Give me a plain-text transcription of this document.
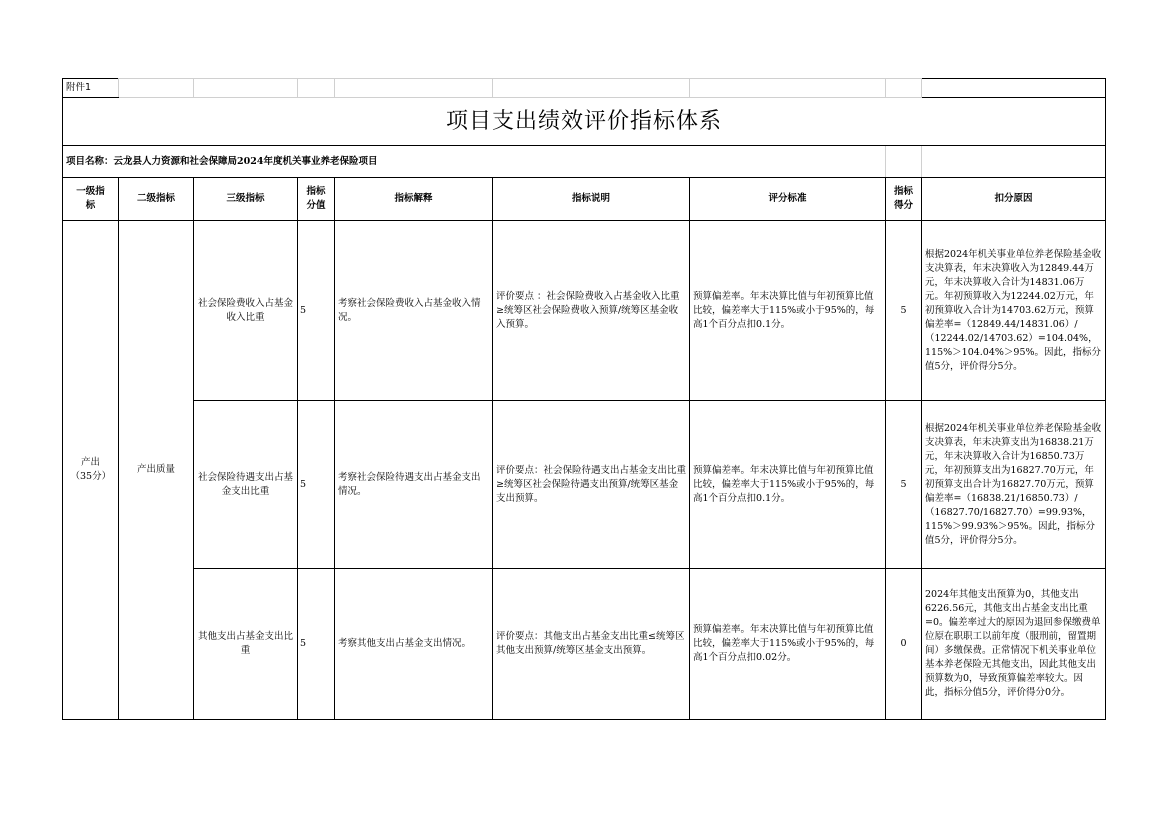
附件1								
项目支出绩效评价指标体系								
项目名称：云龙县人力资源和社会保障局2024年度机关事业养老保险项目								

一级指标	二级指标	三级指标	指标分值	指标解释	指标说明	评分标准	指标得分	扣分原因

产出（35分）	产出质量	社会保险费收入占基金收入比重	5	考察社会保险费收入占基金收入情况。	评价要点 ：社会保险费收入占基金收入比重≥统筹区社会保险费收入预算/统筹区基金收入预算。	预算偏差率。年末决算比值与年初预算比值比较，偏差率大于115%或小于95%的，每高1个百分点扣0.1分。	5	根据2024年机关事业单位养老保险基金收支决算表，年末决算收入为12849.44万元，年末决算收入合计为14831.06万元。年初预算收入为12244.02万元，年初预算收入合计为14703.62万元，预算偏差率=（12849.44/14831.06）/（12244.02/14703.62）=104.04%，115%＞104.04%＞95%。因此，指标分值5分，评价得分5分。
		社会保险待遇支出占基金支出比重	5	考察社会保险待遇支出占基金支出情况。	评价要点：社会保险待遇支出占基金支出比重≥统筹区社会保险待遇支出预算/统筹区基金支出预算。	预算偏差率。年末决算比值与年初预算比值比较，偏差率大于115%或小于95%的，每高1个百分点扣0.1分。	5	根据2024年机关事业单位养老保险基金收支决算表，年末决算支出为16838.21万元，年末决算收入合计为16850.73万元，年初预算支出为16827.70万元，年初预算支出合计为16827.70万元，预算偏差率=（16838.21/16850.73）/（16827.70/16827.70）=99.93%，115%＞99.93%＞95%。因此，指标分值5分，评价得分5分。
		其他支出占基金支出比重	5	考察其他支出占基金支出情况。	评价要点：其他支出占基金支出比重≤统筹区其他支出预算/统筹区基金支出预算。	预算偏差率。年末决算比值与年初预算比值比较，偏差率大于115%或小于95%的，每高1个百分点扣0.02分。	0	2024年其他支出预算为0，其他支出6226.56元，其他支出占基金支出比重=0。偏差率过大的原因为退回参保缴费单位原在职职工以前年度（服刑前，留置期间）多缴保费。正常情况下机关事业单位基本养老保险无其他支出，因此其他支出预算数为0，导致预算偏差率较大。因此，指标分值5分，评价得分0分。
